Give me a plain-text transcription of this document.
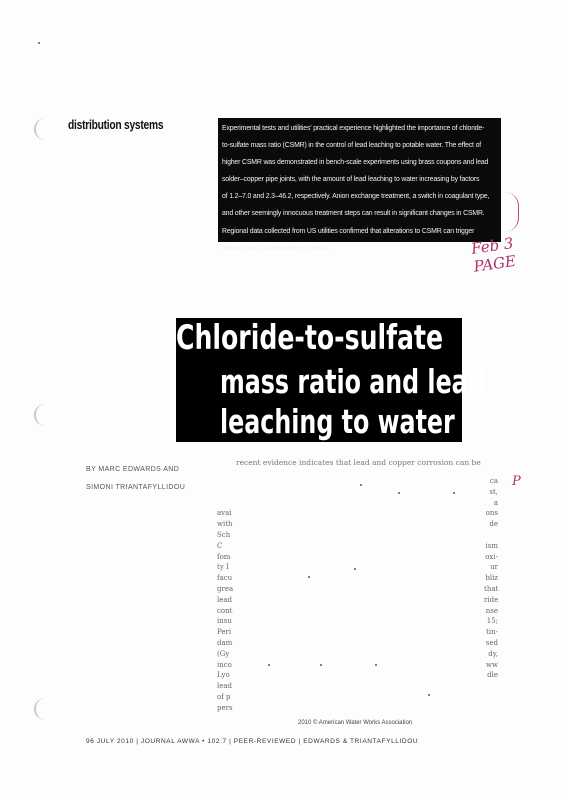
distribution systems	Experimental tests and utilities' practical experience highlighted the importance of chloride-
to-sulfate mass ratio (CSMR) in the control of lead leaching to potable water. The effect of
higher CSMR was demonstrated in bench-scale experiments using brass coupons and lead
solder–copper pipe joints, with the amount of lead leaching to water increasing by factors
of 1.2–7.0 and 2.3–46.2, respectively. Anion exchange treatment, a switch in coagulant type,
and other seemingly innocuous treatment steps can result in significant changes in CSMR.
Regional data collected from US utilities confirmed that alterations to CSMR can trigger
serious lead contamination incidents.	Feb 3
PAGE
P
Chloride-to-sulfate
mass ratio and lead
leaching to water
BY MARC EDWARDS AND
SIMONI TRIANTAFYLLIDOU
recent evidence indicates that lead and copper corrosion can be

avai
with
Sch
C
fom
ty I
facu
grea
lead
cont
insu
Peri
dam
(Gy
inco
Lyo
lead
of p
pers
ca
st,
a
ons
de

ism
oxi-
ur
bliz
that
ride
nse
15;
tin-
sed
dy,
ww
dle

2010 © American Water Works Association
96 JULY 2010 | JOURNAL AWWA • 102:7 | PEER-REVIEWED | EDWARDS & TRIANTAFYLLIDOU
